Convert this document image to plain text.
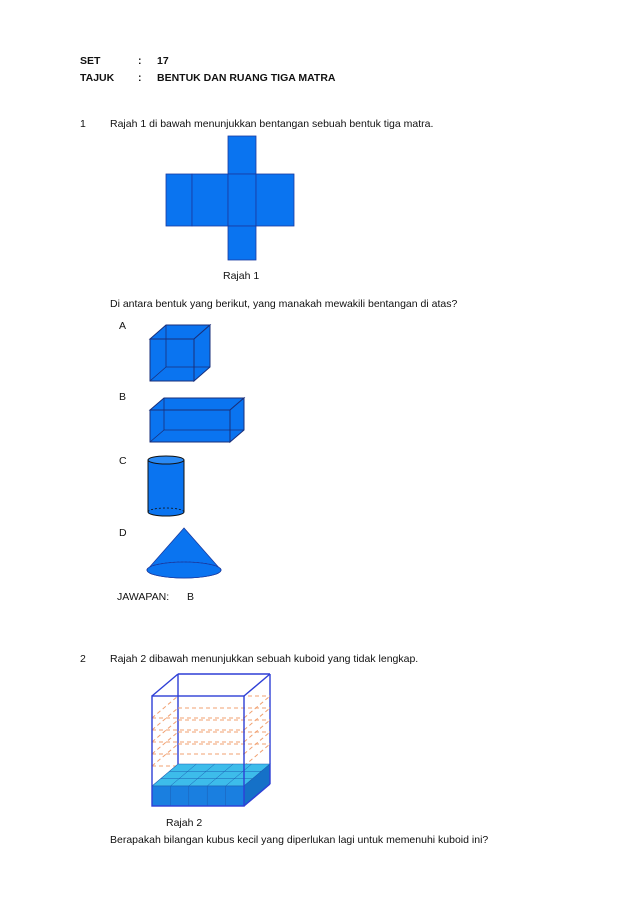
SET	: 17
TAJUK : BENTUK DAN RUANG TIGA MATRA
1 Rajah 1 di bawah menunjukkan bentangan sebuah bentuk tiga matra.
Rajah 1
Di antara bentuk yang berikut, yang manakah mewakili bentangan di atas?
A
B
C
D
JAWAPAN: B
2 Rajah 2 dibawah menunjukkan sebuah kuboid yang tidak lengkap.
Rajah 2
Berapakah bilangan kubus kecil yang diperlukan lagi untuk memenuhi kuboid ini?
